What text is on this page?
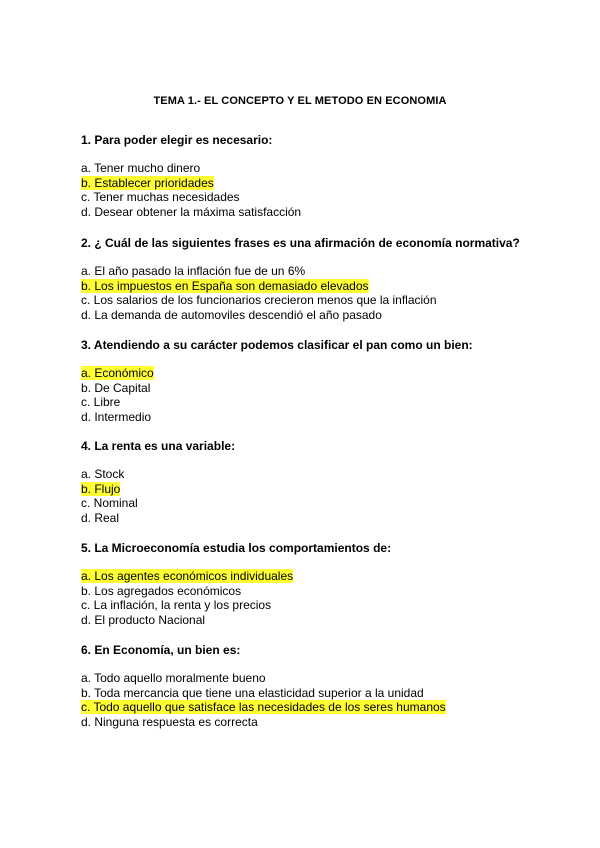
TEMA 1.- EL CONCEPTO Y EL METODO EN ECONOMIA
1. Para poder elegir es necesario:
a. Tener mucho dinero
b. Establecer prioridades
c. Tener muchas necesidades
d. Desear obtener la máxima satisfacción
2. ¿ Cuál de las siguientes frases es una afirmación de economía normativa?
a. El año pasado la inflación fue de un 6%
b. Los impuestos en España son demasiado elevados
c. Los salarios de los funcionarios crecieron menos que la inflación
d. La demanda de automoviles descendió el año pasado
3. Atendiendo a su carácter podemos clasificar el pan como un bien:
a. Económico
b. De Capital
c. Libre
d. Intermedio
4. La renta es una variable:
a. Stock
b. Flujo
c. Nominal
d. Real
5. La Microeconomía estudia los comportamientos de:
a. Los agentes económicos individuales
b. Los agregados económicos
c. La inflación, la renta y los precios
d. El producto Nacional
6. En Economía, un bien es:
a. Todo aquello moralmente bueno
b. Toda mercancia que tiene una elasticidad superior a la unidad
c. Todo aquello que satisface las necesidades de los seres humanos
d. Ninguna respuesta es correcta
